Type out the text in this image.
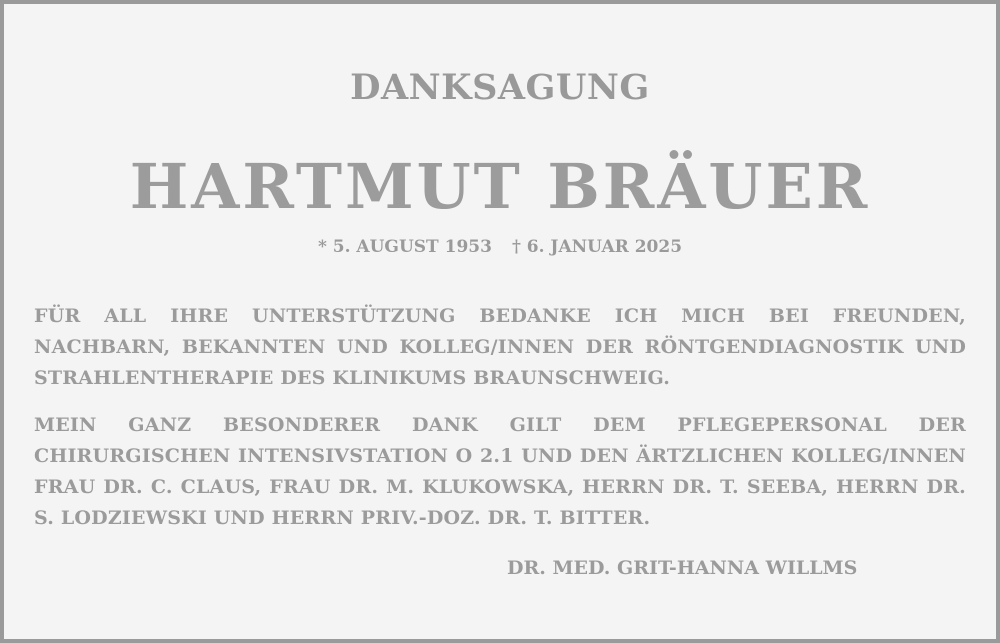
DANKSAGUNG
HARTMUT BRÄUER
* 5. AUGUST 1953 † 6. JANUAR 2025
FÜR ALL IHRE UNTERSTÜTZUNG BEDANKE ICH MICH BEI FREUNDEN, NACHBARN, BEKANNTEN UND KOLLEG/INNEN DER RÖNTGENDIAGNOSTIK UND STRAHLENTHERAPIE DES KLINIKUMS BRAUNSCHWEIG.
MEIN GANZ BESONDERER DANK GILT DEM PFLEGEPERSONAL DER CHIRURGISCHEN INTENSIVSTATION O 2.1 UND DEN ÄRTZLICHEN KOLLEG/INNEN FRAU DR. C. CLAUS, FRAU DR. M. KLUKOWSKA, HERRN DR. T. SEEBA, HERRN DR. S. LODZIEWSKI UND HERRN PRIV.-DOZ. DR. T. BITTER.
DR. MED. GRIT-HANNA WILLMS
